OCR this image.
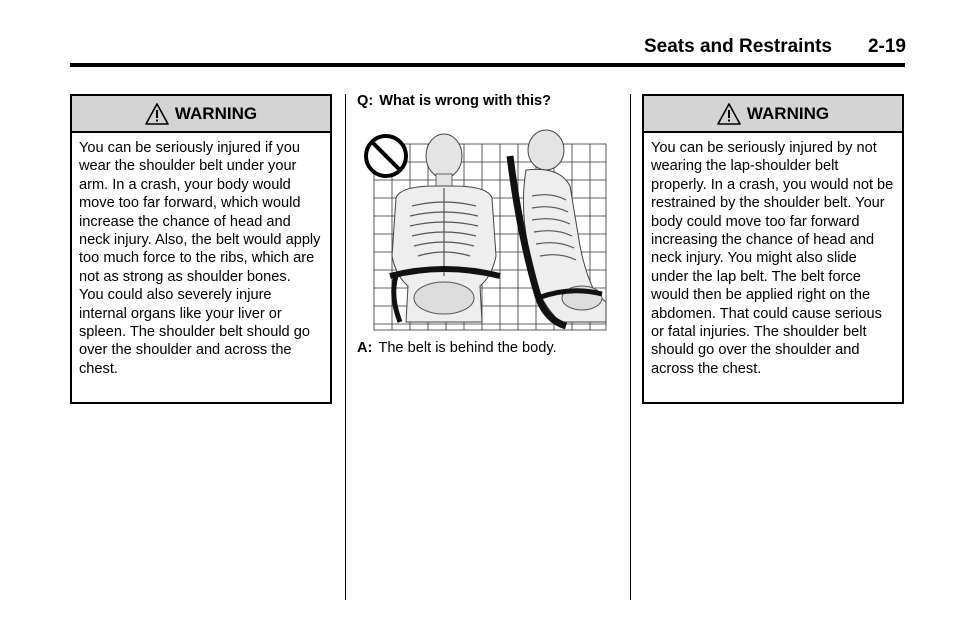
Seats and Restraints 2-19
WARNING

You can be seriously injured if you wear the shoulder belt under your arm. In a crash, your body would move too far forward, which would increase the chance of head and neck injury. Also, the belt would apply too much force to the ribs, which are not as strong as shoulder bones.

You could also severely injure internal organs like your liver or spleen. The shoulder belt should go over the shoulder and across the chest.

Q: What is wrong with this?
A: The belt is behind the body.
WARNING

You can be seriously injured by not wearing the lap-shoulder belt properly. In a crash, you would not be restrained by the shoulder belt. Your body could move too far forward increasing the chance of head and neck injury. You might also slide under the lap belt. The belt force would then be applied right on the abdomen. That could cause serious or fatal injuries. The shoulder belt should go over the shoulder and across the chest.
